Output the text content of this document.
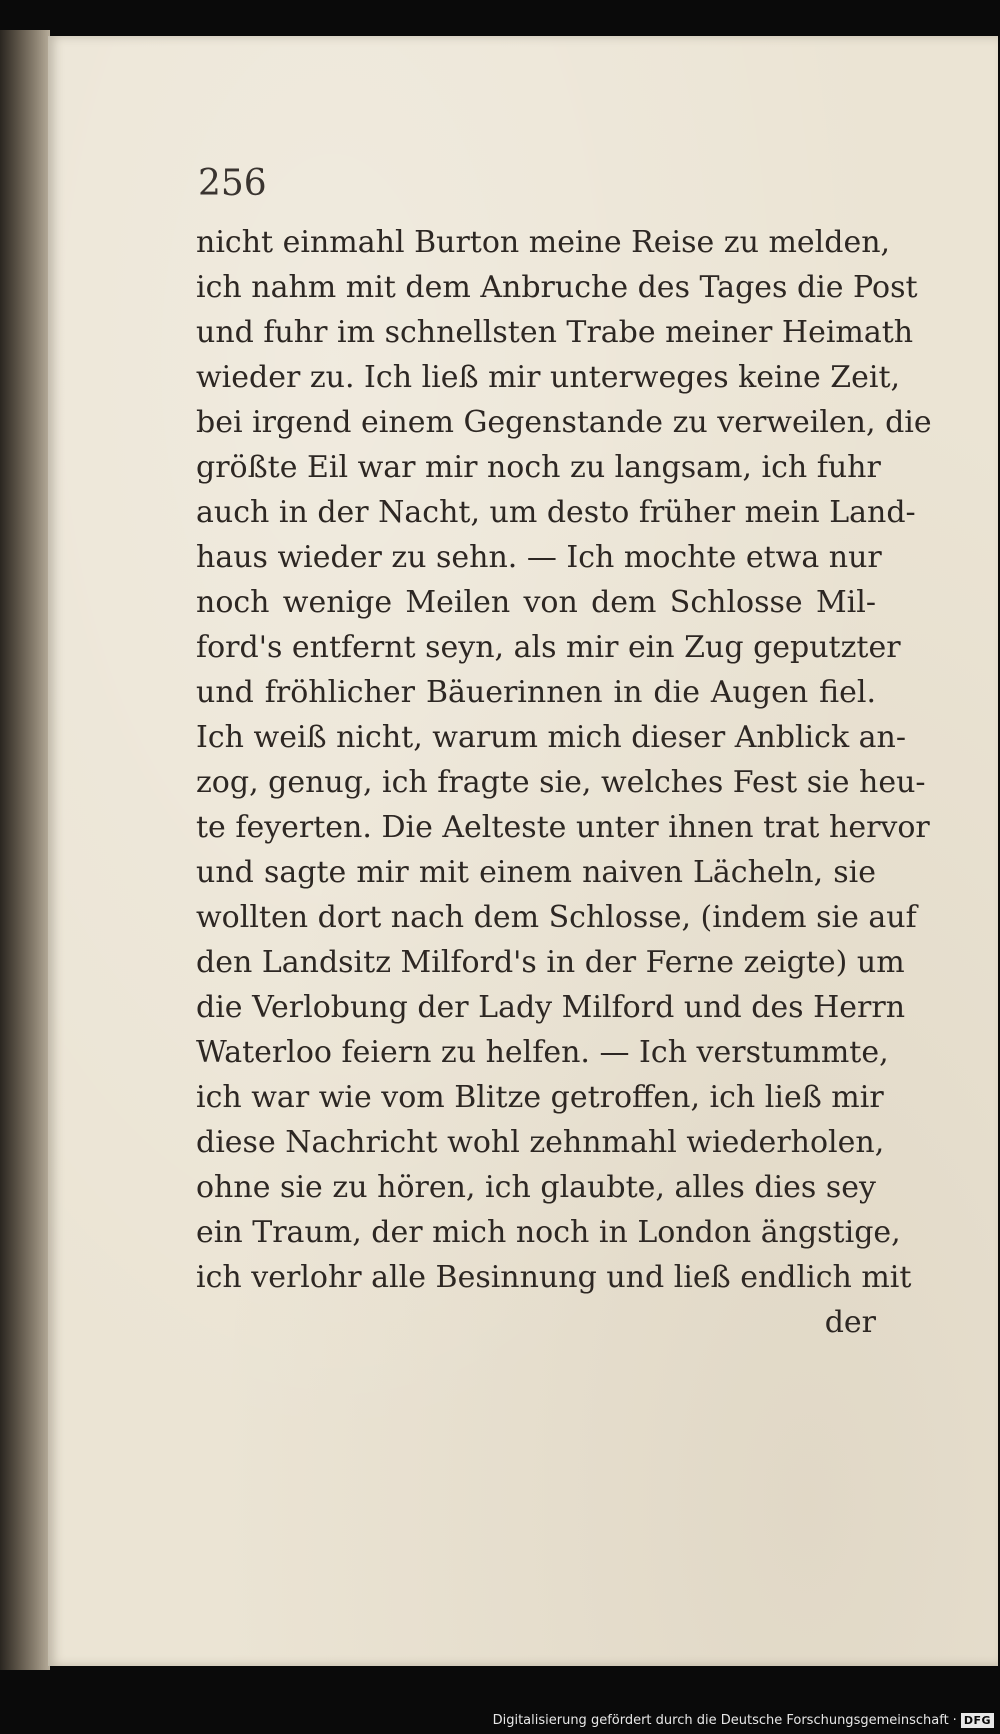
256
nicht einmahl Burton meine Reise zu melden,
ich nahm mit dem Anbruche des Tages die Post
und fuhr im schnellsten Trabe meiner Heimath
wieder zu. Ich ließ mir unterweges keine Zeit,
bei irgend einem Gegenstande zu verweilen, die
größte Eil war mir noch zu langsam, ich fuhr
auch in der Nacht, um desto früher mein Land-
haus wieder zu sehn. — Ich mochte etwa nur
noch wenige Meilen von dem Schlosse Mil-
ford's entfernt seyn, als mir ein Zug geputzter
und fröhlicher Bäuerinnen in die Augen fiel.
Ich weiß nicht, warum mich dieser Anblick an-
zog, genug, ich fragte sie, welches Fest sie heu-
te feyerten. Die Aelteste unter ihnen trat hervor
und sagte mir mit einem naiven Lächeln, sie
wollten dort nach dem Schlosse, (indem sie auf
den Landsitz Milford's in der Ferne zeigte) um
die Verlobung der Lady Milford und des Herrn
Waterloo feiern zu helfen. — Ich verstummte,
ich war wie vom Blitze getroffen, ich ließ mir
diese Nachricht wohl zehnmahl wiederholen,
ohne sie zu hören, ich glaubte, alles dies sey
ein Traum, der mich noch in London ängstige,
ich verlohr alle Besinnung und ließ endlich mit
der
Digitalisierung gefördert durch die Deutsche Forschungsgemeinschaft · DFG
